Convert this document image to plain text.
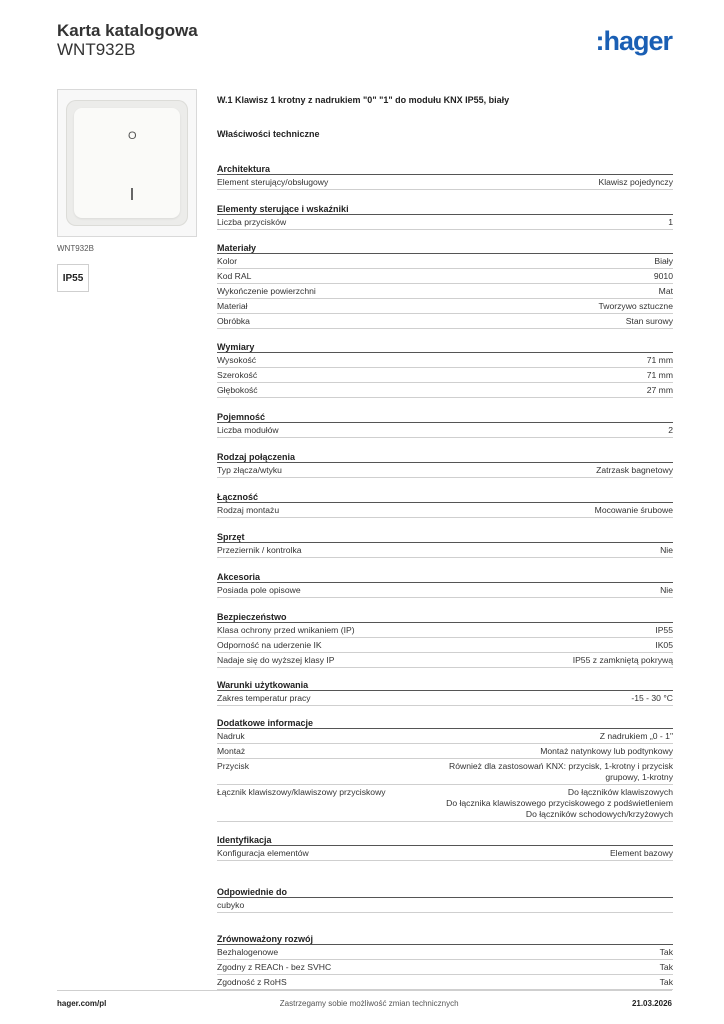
Karta katalogowa
WNT932B	:hager
O
WNT932B
IP55
W.1 Klawisz 1 krotny z nadrukiem "0" "1" do modułu KNX IP55, biały
Właściwości techniczne
Architektura
Element sterujący/obsługowy	Klawisz pojedynczy
Elementy sterujące i wskaźniki
Liczba przycisków	1
Materiały
Kolor	Biały
Kod RAL	9010
Wykończenie powierzchni	Mat
Materiał	Tworzywo sztuczne
Obróbka	Stan surowy
Wymiary
Wysokość	71 mm
Szerokość	71 mm
Głębokość	27 mm
Pojemność
Liczba modułów	2
Rodzaj połączenia
Typ złącza/wtyku	Zatrzask bagnetowy
Łączność
Rodzaj montażu	Mocowanie śrubowe
Sprzęt
Przeziernik / kontrolka	Nie
Akcesoria
Posiada pole opisowe	Nie
Bezpieczeństwo
Klasa ochrony przed wnikaniem (IP)	IP55
Odporność na uderzenie IK	IK05
Nadaje się do wyższej klasy IP	IP55 z zamkniętą pokrywą
Warunki użytkowania
Zakres temperatur pracy	-15 - 30 °C
Dodatkowe informacje
Nadruk	Z nadrukiem „0 - 1"
Montaż	Montaż natynkowy lub podtynkowy
Przycisk	Również dla zastosowań KNX: przycisk, 1-krotny i przycisk
grupowy, 1-krotny
Łącznik klawiszowy/klawiszowy przyciskowy	Do łączników klawiszowych
Do łącznika klawiszowego przyciskowego z podświetleniem
Do łączników schodowych/krzyżowych
Identyfikacja
Konfiguracja elementów	Element bazowy
Odpowiednie do
cubyko
Zrównoważony rozwój
Bezhalogenowe	Tak
Zgodny z REACh - bez SVHC	Tak
Zgodność z RoHS	Tak
hager.com/pl	Zastrzegamy sobie możliwość zmian technicznych	21.03.2026
